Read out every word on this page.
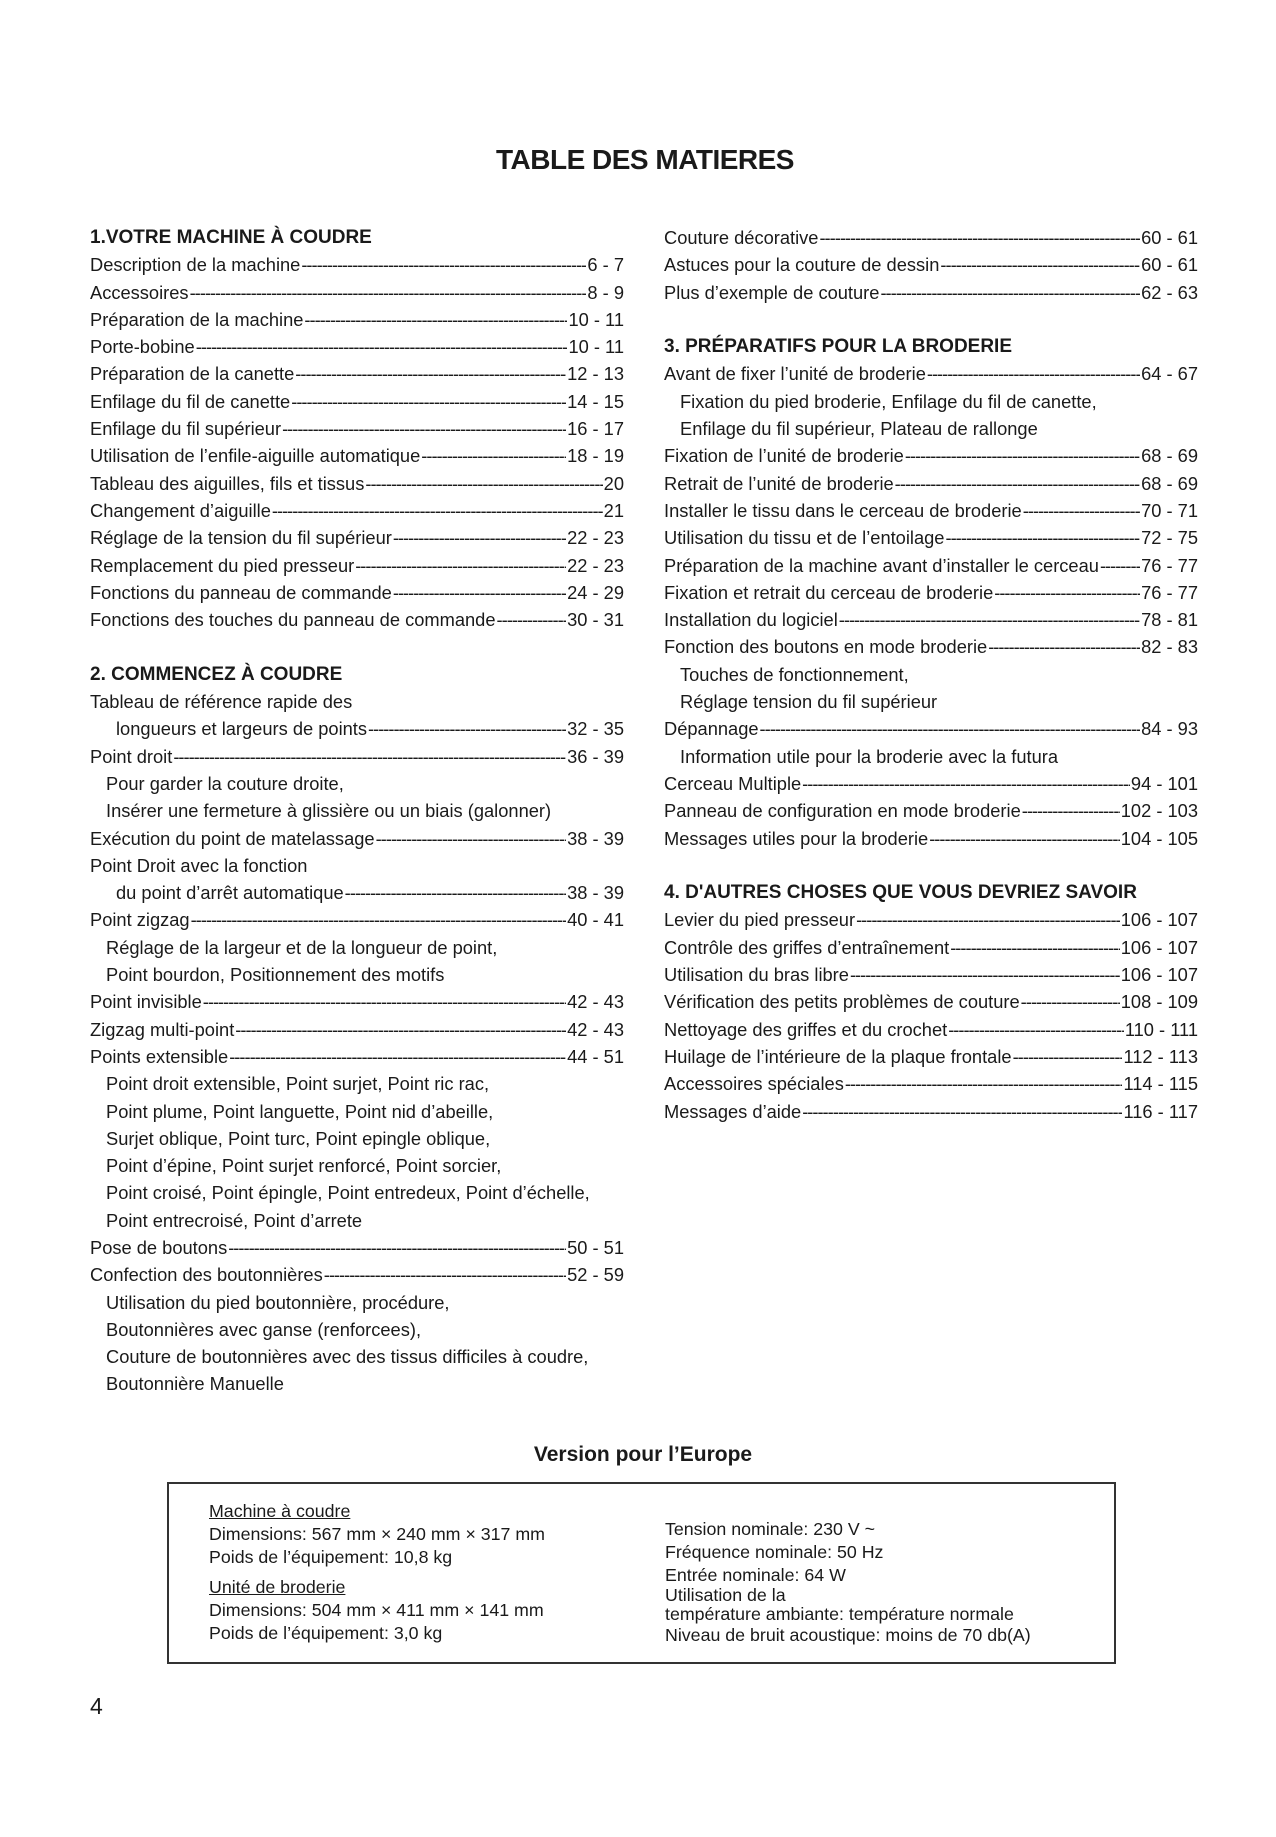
TABLE DES MATIERES
1.VOTRE MACHINE À COUDRE
Description de la machine -----	6 - 7
Accessoires -----	8 - 9
Préparation de la machine -----	10 - 11
Porte-bobine -----	10 - 11
Préparation de la canette -----	12 - 13
Enfilage du fil de canette -----	14 - 15
Enfilage du fil supérieur -----	16 - 17
Utilisation de l’enfile-aiguille automatique -----	18 - 19
Tableau des aiguilles, fils et tissus -----	20
Changement d’aiguille -----	21
Réglage de la tension du fil supérieur -----	22 - 23
Remplacement du pied presseur -----	22 - 23
Fonctions du panneau de commande -----	24 - 29
Fonctions des touches du panneau de commande -----	30 - 31
2. COMMENCEZ À COUDRE
Tableau de référence rapide des
longueurs et largeurs de points -----	32 - 35
Point droit -----	36 - 39
Pour garder la couture droite,
Insérer une fermeture à glissière ou un biais (galonner)
Exécution du point de matelassage -----	38 - 39
Point Droit avec la fonction
du point d’arrêt automatique -----	38 - 39
Point zigzag -----	40 - 41
Réglage de la largeur et de la longueur de point,
Point bourdon, Positionnement des motifs
Point invisible -----	42 - 43
Zigzag multi-point -----	42 - 43
Points extensible -----	44 - 51
Point droit extensible, Point surjet, Point ric rac,
Point plume, Point languette, Point nid d’abeille,
Surjet oblique, Point turc, Point epingle oblique,
Point d’épine, Point surjet renforcé, Point sorcier,
Point croisé, Point épingle, Point entredeux, Point d’échelle,
Point entrecroisé, Point d’arrete
Pose de boutons -----	50 - 51
Confection des boutonnières -----	52 - 59
Utilisation du pied boutonnière, procédure,
Boutonnières avec ganse (renforcees),
Couture de boutonnières avec des tissus difficiles à coudre,
Boutonnière Manuelle
Couture décorative -----	60 - 61
Astuces pour la couture de dessin -----	60 - 61
Plus d’exemple de couture -----	62 - 63
3. PRÉPARATIFS POUR LA BRODERIE
Avant de fixer l’unité de broderie -----	64 - 67
Fixation du pied broderie, Enfilage du fil de canette,
Enfilage du fil supérieur, Plateau de rallonge
Fixation de l’unité de broderie -----	68 - 69
Retrait de l’unité de broderie -----	68 - 69
Installer le tissu dans le cerceau de broderie -----	70 - 71
Utilisation du tissu et de l’entoilage -----	72 - 75
Préparation de la machine avant d’installer le cerceau ----- 76 - 77
Fixation et retrait du cerceau de broderie -----	76 - 77
Installation du logiciel -----	78 - 81
Fonction des boutons en mode broderie -----	82 - 83
Touches de fonctionnement,
Réglage tension du fil supérieur
Dépannage -----	84 - 93
Information utile pour la broderie avec la futura
Cerceau Multiple -----	94 - 101
Panneau de configuration en mode broderie -----	102 - 103
Messages utiles pour la broderie -----	104 - 105
4. D'AUTRES CHOSES QUE VOUS DEVRIEZ SAVOIR
Levier du pied presseur -----	106 - 107
Contrôle des griffes d’entraînement -----	106 - 107
Utilisation du bras libre -----	106 - 107
Vérification des petits problèmes de couture -----	108 - 109
Nettoyage des griffes et du crochet -----	110 - 111
Huilage de l’intérieure de la plaque frontale -----	112 - 113
Accessoires spéciales -----	114 - 115
Messages d’aide -----	116 - 117
Version pour l’Europe
Machine à coudre
Dimensions: 567 mm × 240 mm × 317 mm
Poids de l’équipement: 10,8 kg
Unité de broderie
Dimensions: 504 mm × 411 mm × 141 mm
Poids de l’équipement: 3,0 kg
Tension nominale: 230 V ~
Fréquence nominale: 50 Hz
Entrée nominale: 64 W
Utilisation de la
température ambiante: température normale
Niveau de bruit acoustique: moins de 70 db(A)
4
